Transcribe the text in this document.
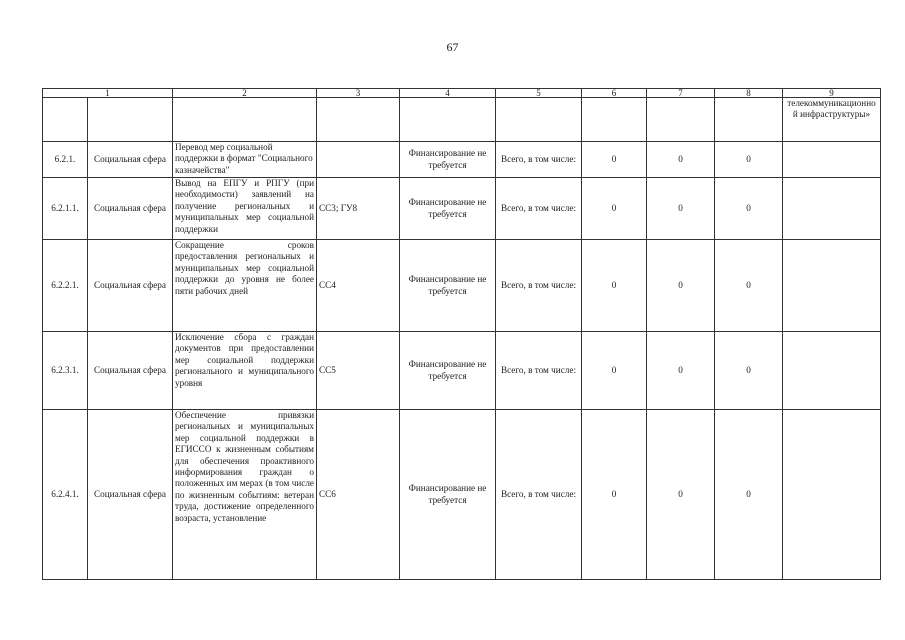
67
1		2	3	4	5	6	7	8	9
									телекоммуникационной инфраструктуры»
6.2.1.	Социальная сфера	Перевод мер социальной поддержки в формат "Социального казначейства"		Финансирование не требуется	Всего, в том числе:	0	0	0	
6.2.1.1.	Социальная сфера	Вывод на ЕПГУ и РПГУ (при необходимости) заявлений на получение региональных и муниципальных мер социальной поддержки	СС3; ГУ8	Финансирование не требуется	Всего, в том числе:	0	0	0	
6.2.2.1.	Социальная сфера	Сокращение сроков предоставления региональных и муниципальных мер социальной поддержки до уровня не более пяти рабочих дней	СС4	Финансирование не требуется	Всего, в том числе:	0	0	0	
6.2.3.1.	Социальная сфера	Исключение сбора с граждан документов при предоставлении мер социальной поддержки регионального и муниципального уровня	СС5	Финансирование не требуется	Всего, в том числе:	0	0	0	
6.2.4.1.	Социальная сфера	Обеспечение привязки региональных и муниципальных мер социальной поддержки в ЕГИССО к жизненным событиям для обеспечения проактивного информирования граждан о положенных им мерах (в том числе по жизненным событиям: ветеран труда, достижение определенного возраста, установление	СС6	Финансирование не требуется	Всего, в том числе:	0	0	0	
